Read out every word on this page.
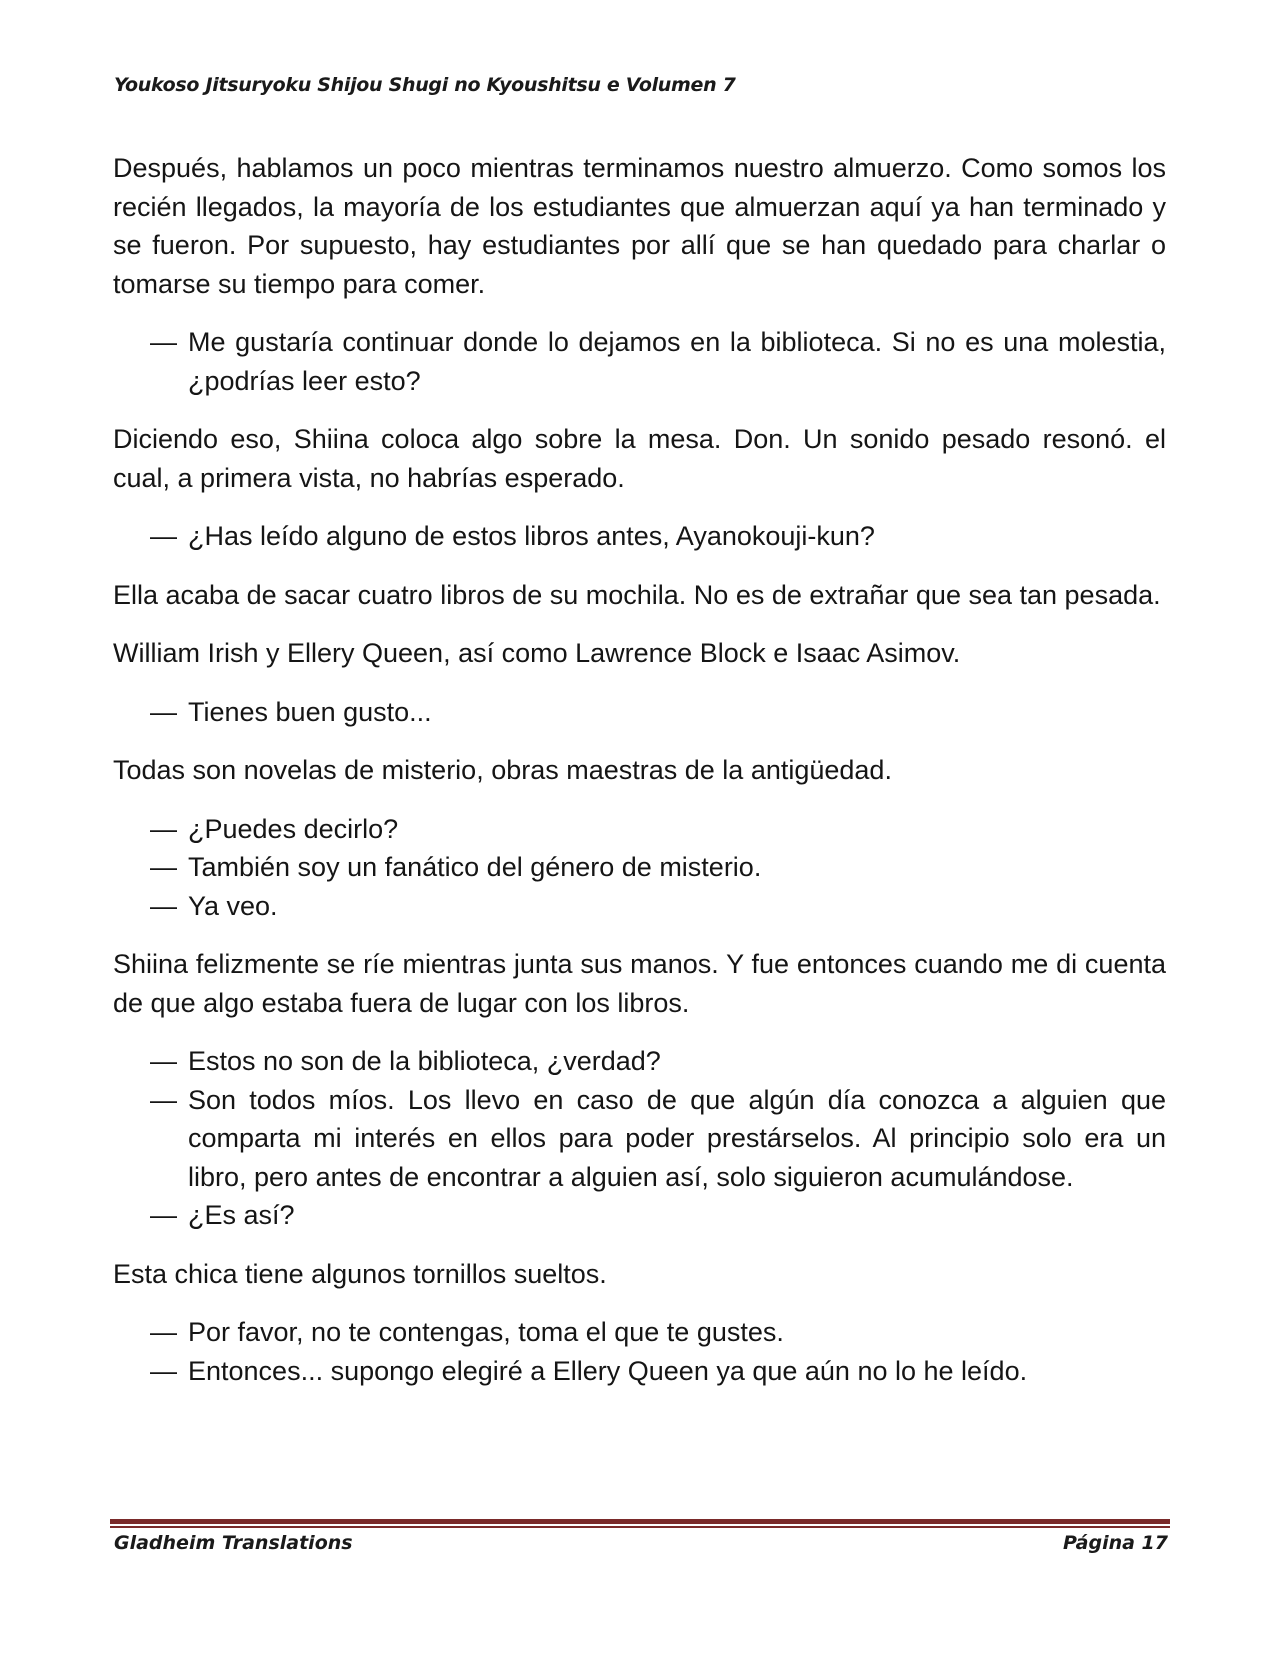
Youkoso Jitsuryoku Shijou Shugi no Kyoushitsu e Volumen 7

Después, hablamos un poco mientras terminamos nuestro almuerzo. Como somos los recién llegados, la mayoría de los estudiantes que almuerzan aquí ya han terminado y se fueron. Por supuesto, hay estudiantes por allí que se han quedado para charlar o tomarse su tiempo para comer.

— Me gustaría continuar donde lo dejamos en la biblioteca. Si no es una molestia, ¿podrías leer esto?

Diciendo eso, Shiina coloca algo sobre la mesa. Don. Un sonido pesado resonó. el cual, a primera vista, no habrías esperado.

— ¿Has leído alguno de estos libros antes, Ayanokouji-kun?

Ella acaba de sacar cuatro libros de su mochila. No es de extrañar que sea tan pesada.

William Irish y Ellery Queen, así como Lawrence Block e Isaac Asimov.

— Tienes buen gusto...

Todas son novelas de misterio, obras maestras de la antigüedad.

— ¿Puedes decirlo?

— También soy un fanático del género de misterio.

— Ya veo.

Shiina felizmente se ríe mientras junta sus manos. Y fue entonces cuando me di cuenta de que algo estaba fuera de lugar con los libros.

— Estos no son de la biblioteca, ¿verdad?

— Son todos míos. Los llevo en caso de que algún día conozca a alguien que comparta mi interés en ellos para poder prestárselos. Al principio solo era un libro, pero antes de encontrar a alguien así, solo siguieron acumulándose.

— ¿Es así?

Esta chica tiene algunos tornillos sueltos.

— Por favor, no te contengas, toma el que te gustes.

— Entonces... supongo elegiré a Ellery Queen ya que aún no lo he leído.

Gladheim Translations	Página 17
